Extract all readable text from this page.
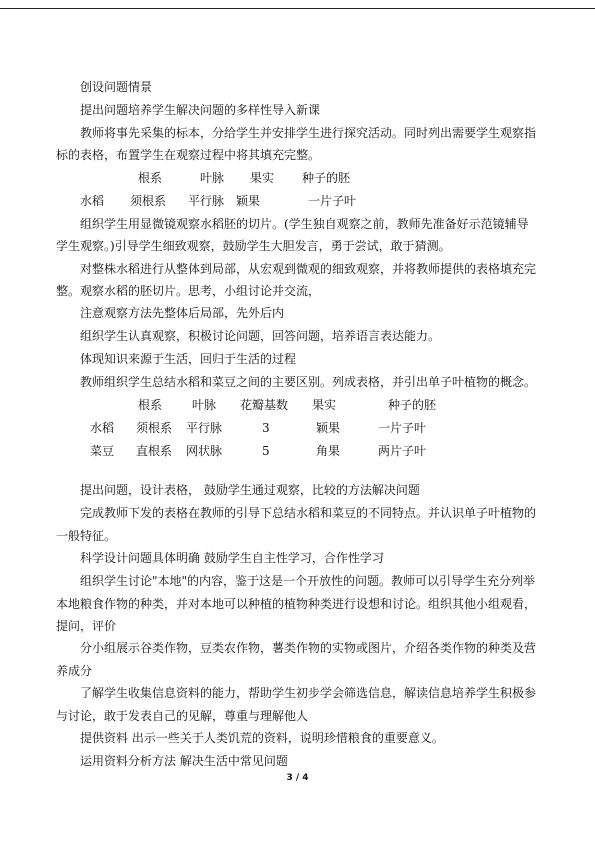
创设问题情景

提出问题培养学生解决问题的多样性导入新课

教师将事先采集的标本，分给学生并安排学生进行探究活动。同时列出需要学生观察指标的表格，布置学生在观察过程中将其填充完整。

根系	叶脉 果实 种子的胚
水稻 须根系 平行脉 颖果	一片子叶

组织学生用显微镜观察水稻胚的切片。(学生独自观察之前，教师先准备好示范镜辅导学生观察。)引导学生细致观察，鼓励学生大胆发言，勇于尝试，敢于猜测。

对整株水稻进行从整体到局部，从宏观到微观的细致观察，并将教师提供的表格填充完整。观察水稻的胚切片。思考，小组讨论并交流，

注意观察方法先整体后局部，先外后内

组织学生认真观察，积极讨论问题，回答问题，培养语言表达能力。

体现知识来源于生活，回归于生活的过程

教师组织学生总结水稻和菜豆之间的主要区别。列成表格，并引出单子叶植物的概念。

根系 叶脉 花瓣基数 果实	种子的胚
水稻 须根系 平行脉	3	颖果	一片子叶
菜豆 直根系 网状脉	5	角果	两片子叶

提出问题，设计表格， 鼓励学生通过观察，比较的方法解决问题

完成教师下发的表格在教师的引导下总结水稻和菜豆的不同特点。并认识单子叶植物的一般特征。

科学设计问题具体明确 鼓励学生自主性学习，合作性学习

组织学生讨论"本地"的内容，鉴于这是一个开放性的问题。教师可以引导学生充分列举本地粮食作物的种类，并对本地可以种植的植物种类进行设想和讨论。组织其他小组观看，提问，评价

分小组展示谷类作物，豆类农作物，薯类作物的实物或图片，介绍各类作物的种类及营养成分

了解学生收集信息资料的能力，帮助学生初步学会筛选信息，解读信息培养学生积极参与讨论，敢于发表自己的见解，尊重与理解他人

提供资料 出示一些关于人类饥荒的资料，说明珍惜粮食的重要意义。

运用资料分析方法 解决生活中常见问题

3 / 4
